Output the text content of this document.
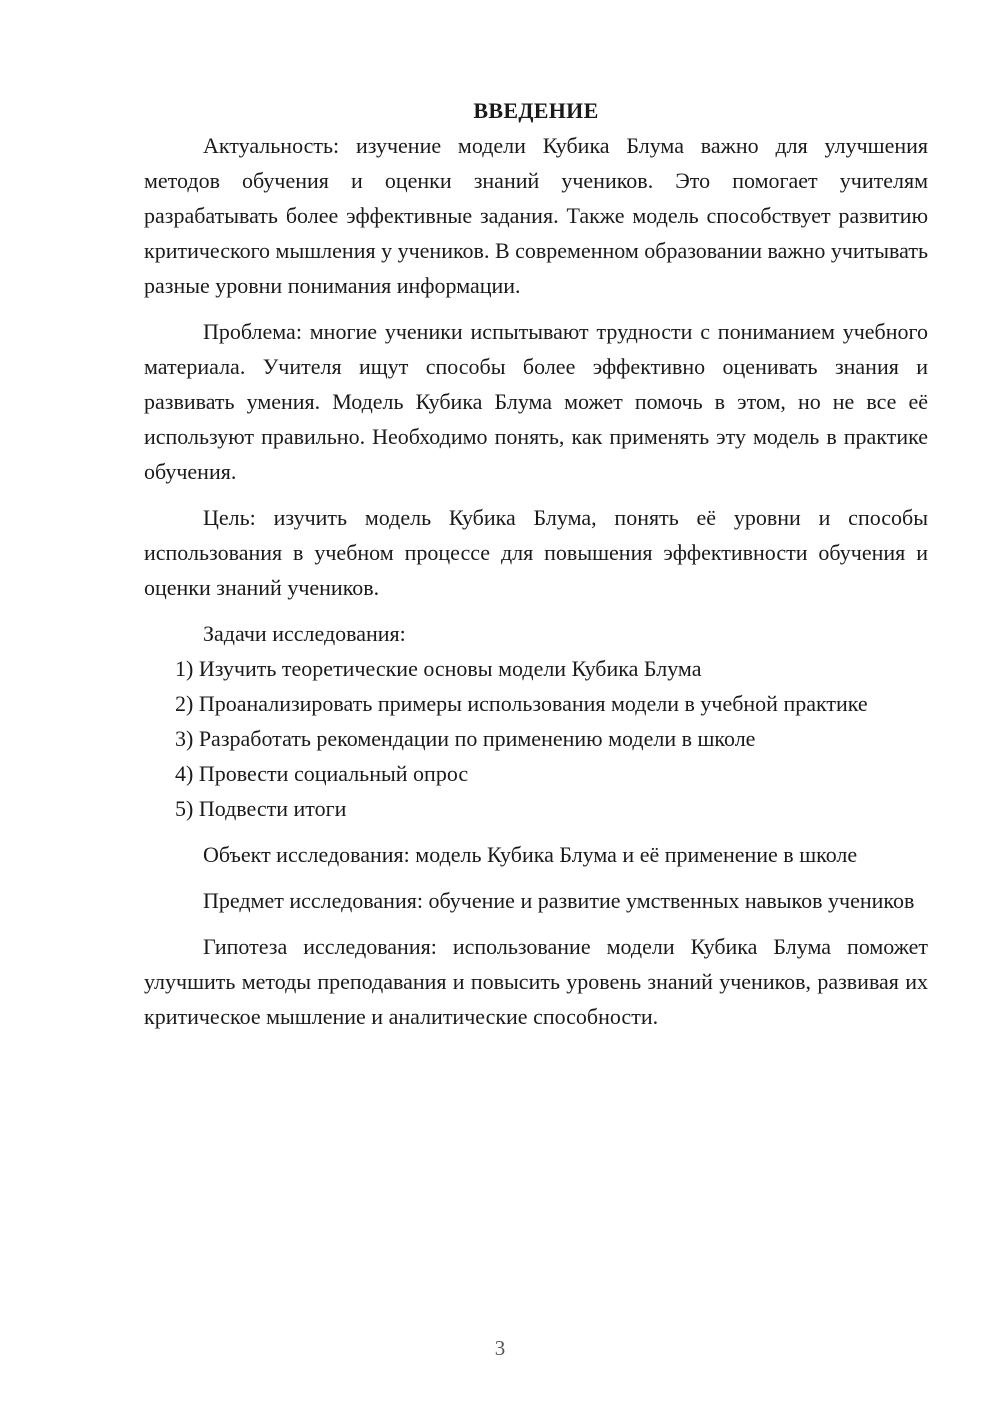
ВВЕДЕНИЕ

Актуальность: изучение модели Кубика Блума важно для улучшения методов обучения и оценки знаний учеников. Это помогает учителям разрабатывать более эффективные задания. Также модель способствует развитию критического мышления у учеников. В современном образовании важно учитывать разные уровни понимания информации.

Проблема: многие ученики испытывают трудности с пониманием учебного материала. Учителя ищут способы более эффективно оценивать знания и развивать умения. Модель Кубика Блума может помочь в этом, но не все её используют правильно. Необходимо понять, как применять эту модель в практике обучения.

Цель: изучить модель Кубика Блума, понять её уровни и способы использования в учебном процессе для повышения эффективности обучения и оценки знаний учеников.

Задачи исследования:

1) Изучить теоретические основы модели Кубика Блума

2) Проанализировать примеры использования модели в учебной практике

3) Разработать рекомендации по применению модели в школе

4) Провести социальный опрос

5) Подвести итоги

Объект исследования: модель Кубика Блума и её применение в школе

Предмет исследования: обучение и развитие умственных навыков учеников

Гипотеза исследования: использование модели Кубика Блума поможет улучшить методы преподавания и повысить уровень знаний учеников, развивая их критическое мышление и аналитические способности.

3
